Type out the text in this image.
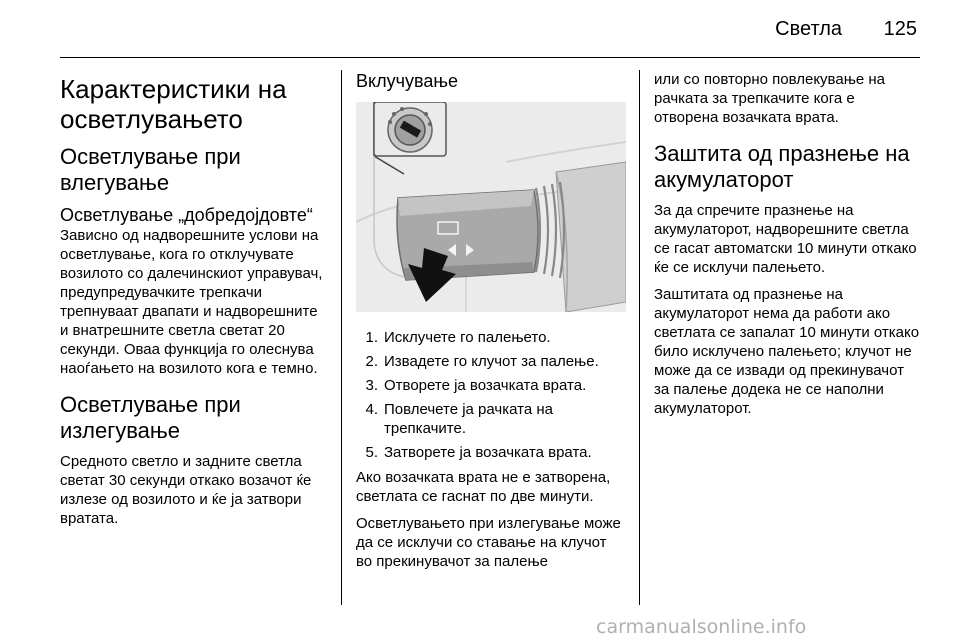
Светла 125
Карактеристики на осветлувањето
Осветлување при влегување
Осветлување „добредојдовте“

Зависно од надворешните услови на осветлување, кога го отклучувате возилото со далечинскиот управувач, предупредувачките трепкачи трепнуваат двапати и надворешните и внатрешните светла светат 20 секунди. Оваа функција го олеснува наоѓањето на возилото кога е темно.

Осветлување при излегување

Средното светло и задните светла светат 30 секунди откако возачот ќе излезе од возилото и ќе ја затвори вратата.

Вклучување
1. Исклучете го палењето.
2. Извадете го клучот за палење.
3. Отворете ја возачката врата.
4. Повлечете ја рачката на трепкачите.
5. Затворете ја возачката врата.

Ако возачката врата не е затворена, светлата се гаснат по две минути.

Осветлувањето при излегување може да се исклучи со ставање на клучот во прекинувачот за палење

или со повторно повлекување на рачката за трепкачите кога е отворена возачката врата.

Заштита од празнење на акумулаторот

За да спречите празнење на акумулаторот, надворешните светла се гасат автоматски 10 минути откако ќе се исклучи палењето.

Заштитата од празнење на акумулаторот нема да работи ако светлата се запалат 10 минути откако било исклучено палењето; клучот не може да се извади од прекинувачот за палење додека не се наполни акумулаторот.

carmanualsonline.info
